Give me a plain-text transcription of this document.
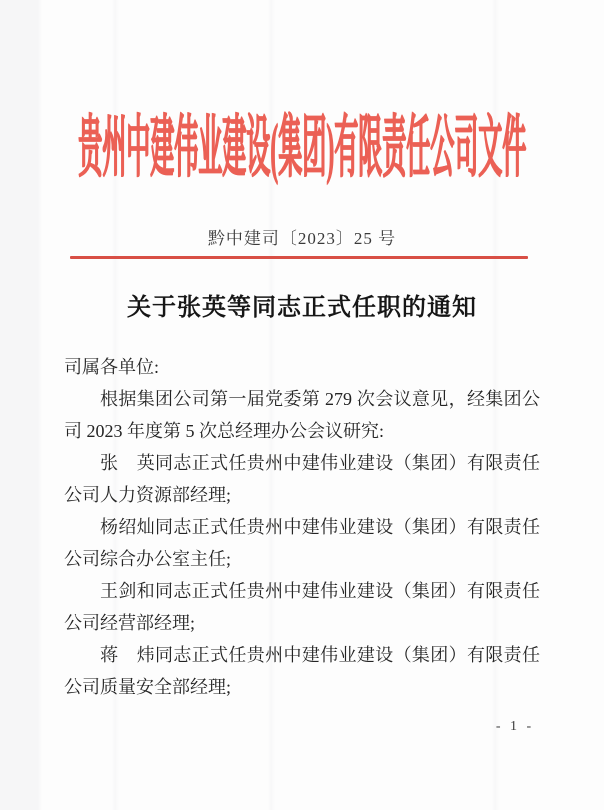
贵州中建伟业建设(集团)有限责任公司文件
黔中建司〔2023〕25 号
关于张英等同志正式任职的通知

司属各单位:

根据集团公司第一届党委第 279 次会议意见，经集团公司 2023 年度第 5 次总经理办公会议研究:

张　英同志正式任贵州中建伟业建设（集团）有限责任公司人力资源部经理;

杨绍灿同志正式任贵州中建伟业建设（集团）有限责任公司综合办公室主任;

王剑和同志正式任贵州中建伟业建设（集团）有限责任公司经营部经理;

蒋　炜同志正式任贵州中建伟业建设（集团）有限责任公司质量安全部经理;

- 1 -
